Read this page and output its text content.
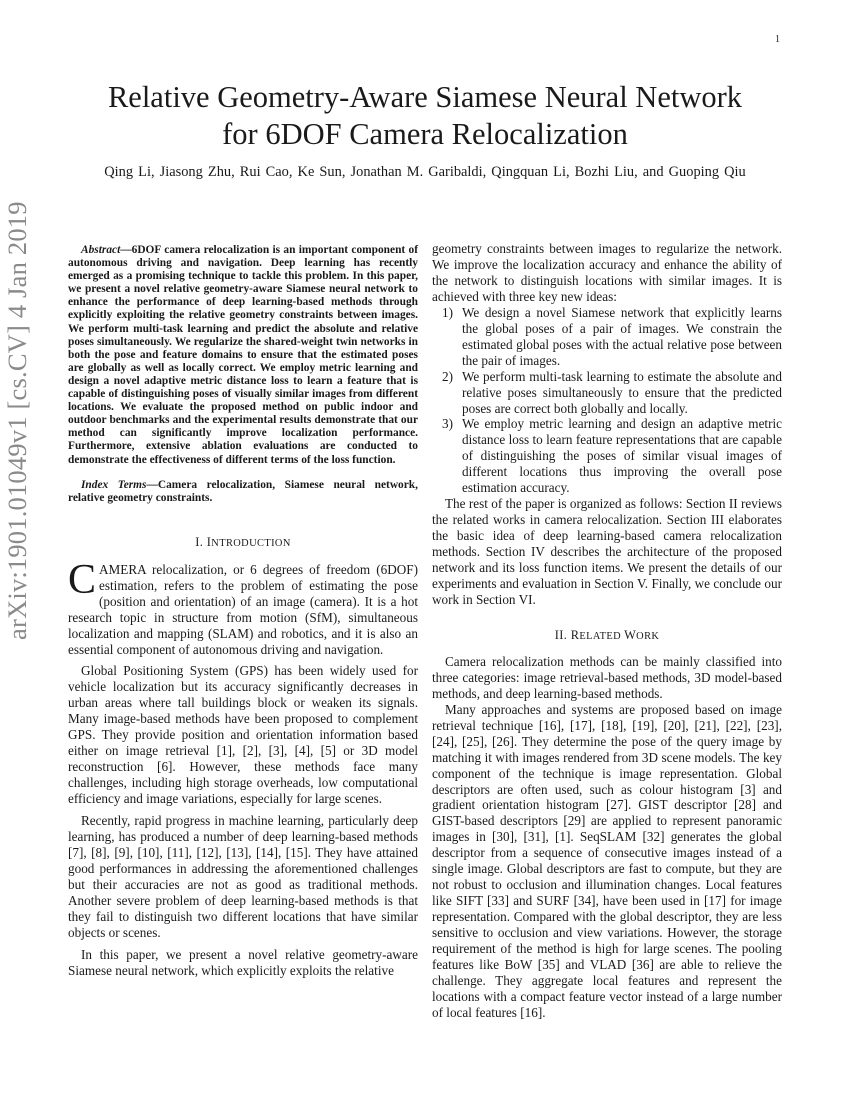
1
arXiv:1901.01049v1 [cs.CV] 4 Jan 2019
Relative Geometry-Aware Siamese Neural Network
for 6DOF Camera Relocalization
Qing Li, Jiasong Zhu, Rui Cao, Ke Sun, Jonathan M. Garibaldi, Qingquan Li, Bozhi Liu, and Guoping Qiu

Abstract—6DOF camera relocalization is an important component of autonomous driving and navigation. Deep learning has recently emerged as a promising technique to tackle this problem. In this paper, we present a novel relative geometry-aware Siamese neural network to enhance the performance of deep learning-based methods through explicitly exploiting the relative geometry constraints between images. We perform multi-task learning and predict the absolute and relative poses simultaneously. We regularize the shared-weight twin networks in both the pose and feature domains to ensure that the estimated poses are globally as well as locally correct. We employ metric learning and design a novel adaptive metric distance loss to learn a feature that is capable of distinguishing poses of visually similar images from different locations. We evaluate the proposed method on public indoor and outdoor benchmarks and the experimental results demonstrate that our method can significantly improve localization performance. Furthermore, extensive ablation evaluations are conducted to demonstrate the effectiveness of different terms of the loss function.

Index Terms—Camera relocalization, Siamese neural network, relative geometry constraints.

I. INTRODUCTION

CAMERA relocalization, or 6 degrees of freedom (6DOF) estimation, refers to the problem of estimating the pose (position and orientation) of an image (camera). It is a hot research topic in structure from motion (SfM), simultaneous localization and mapping (SLAM) and robotics, and it is also an essential component of autonomous driving and navigation.

Global Positioning System (GPS) has been widely used for vehicle localization but its accuracy significantly decreases in urban areas where tall buildings block or weaken its signals. Many image-based methods have been proposed to complement GPS. They provide position and orientation information based either on image retrieval [1], [2], [3], [4], [5] or 3D model reconstruction [6]. However, these methods face many challenges, including high storage overheads, low computational efficiency and image variations, especially for large scenes.

Recently, rapid progress in machine learning, particularly deep learning, has produced a number of deep learning-based methods [7], [8], [9], [10], [11], [12], [13], [14], [15]. They have attained good performances in addressing the aforementioned challenges but their accuracies are not as good as traditional methods. Another severe problem of deep learning-based methods is that they fail to distinguish two different locations that have similar objects or scenes.

In this paper, we present a novel relative geometry-aware Siamese neural network, which explicitly exploits the relative

geometry constraints between images to regularize the network. We improve the localization accuracy and enhance the ability of the network to distinguish locations with similar images. It is achieved with three key new ideas:

1) We design a novel Siamese network that explicitly learns the global poses of a pair of images. We constrain the estimated global poses with the actual relative pose between the pair of images.
2) We perform multi-task learning to estimate the absolute and relative poses simultaneously to ensure that the predicted poses are correct both globally and locally.
3) We employ metric learning and design an adaptive metric distance loss to learn feature representations that are capable of distinguishing the poses of similar visual images of different locations thus improving the overall pose estimation accuracy.

The rest of the paper is organized as follows: Section II reviews the related works in camera relocalization. Section III elaborates the basic idea of deep learning-based camera relocalization methods. Section IV describes the architecture of the proposed network and its loss function items. We present the details of our experiments and evaluation in Section V. Finally, we conclude our work in Section VI.

II. RELATED WORK

Camera relocalization methods can be mainly classified into three categories: image retrieval-based methods, 3D model-based methods, and deep learning-based methods.

Many approaches and systems are proposed based on image retrieval technique [16], [17], [18], [19], [20], [21], [22], [23], [24], [25], [26]. They determine the pose of the query image by matching it with images rendered from 3D scene models. The key component of the technique is image representation. Global descriptors are often used, such as colour histogram [3] and gradient orientation histogram [27]. GIST descriptor [28] and GIST-based descriptors [29] are applied to represent panoramic images in [30], [31], [1]. SeqSLAM [32] generates the global descriptor from a sequence of consecutive images instead of a single image. Global descriptors are fast to compute, but they are not robust to occlusion and illumination changes. Local features like SIFT [33] and SURF [34], have been used in [17] for image representation. Compared with the global descriptor, they are less sensitive to occlusion and view variations. However, the storage requirement of the method is high for large scenes. The pooling features like BoW [35] and VLAD [36] are able to relieve the challenge. They aggregate local features and represent the locations with a compact feature vector instead of a large number of local features [16].
